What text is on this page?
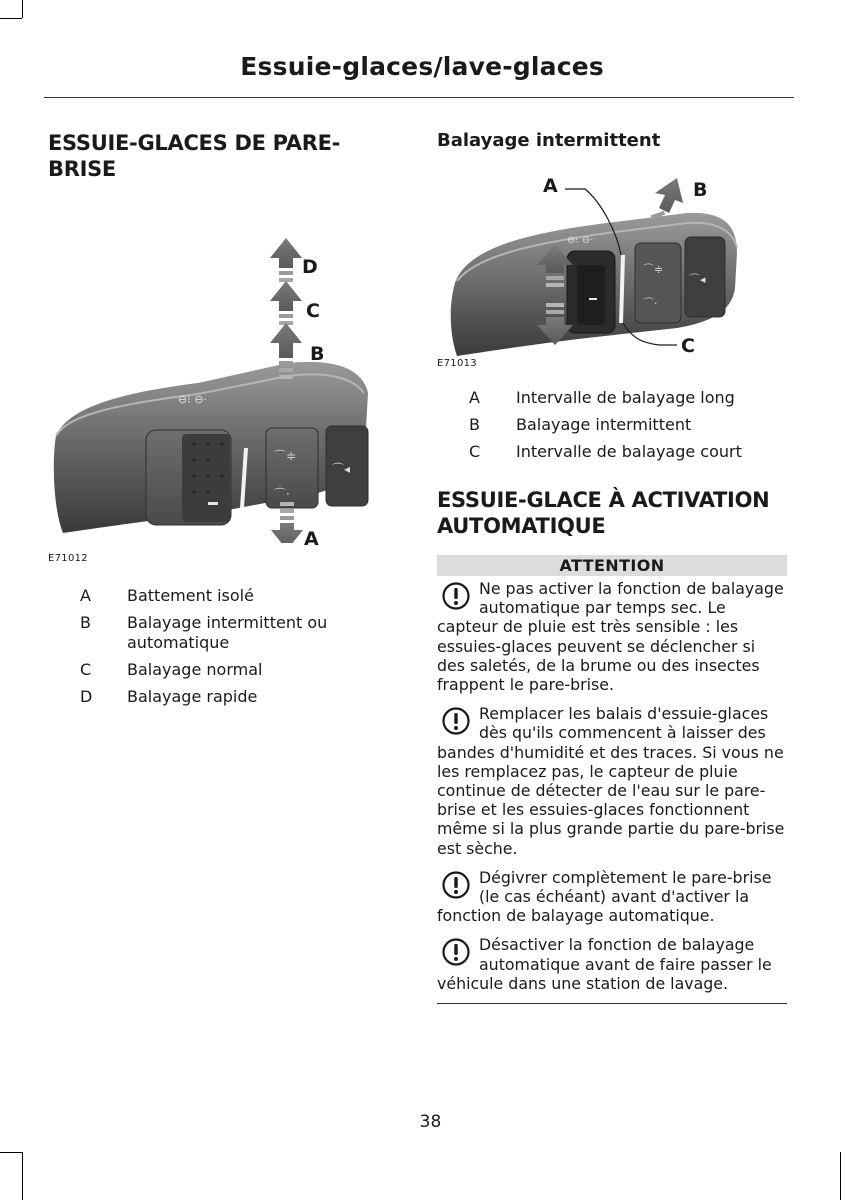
Essuie-glaces/lave-glaces
ESSUIE-GLACES DE PARE-
BRISE
⊖⁝ ⊖·
⌒≑
⌒·
⌒◂
D
C
B
A
E71012
A	Battement isolé
B	Balayage intermittent ou automatique
C	Balayage normal
D	Balayage rapide
Balayage intermittent
⊖⁝ ⊖·
⌒≑
⌒·
⌒◂
A	B
C
E71013
A	Intervalle de balayage long
B	Balayage intermittent
C	Intervalle de balayage court
ESSUIE-GLACE À ACTIVATION
AUTOMATIQUE
ATTENTION

Ne pas activer la fonction de balayage automatique par temps sec. Le capteur de pluie est très sensible : les essuies-glaces peuvent se déclencher si des saletés, de la brume ou des insectes frappent le pare-brise.

Remplacer les balais d'essuie-glaces dès qu'ils commencent à laisser des bandes d'humidité et des traces. Si vous ne les remplacez pas, le capteur de pluie continue de détecter de l'eau sur le pare-brise et les essuies-glaces fonctionnent même si la plus grande partie du pare-brise est sèche.

Dégivrer complètement le pare-brise (le cas échéant) avant d'activer la fonction de balayage automatique.

Désactiver la fonction de balayage automatique avant de faire passer le véhicule dans une station de lavage.

38
